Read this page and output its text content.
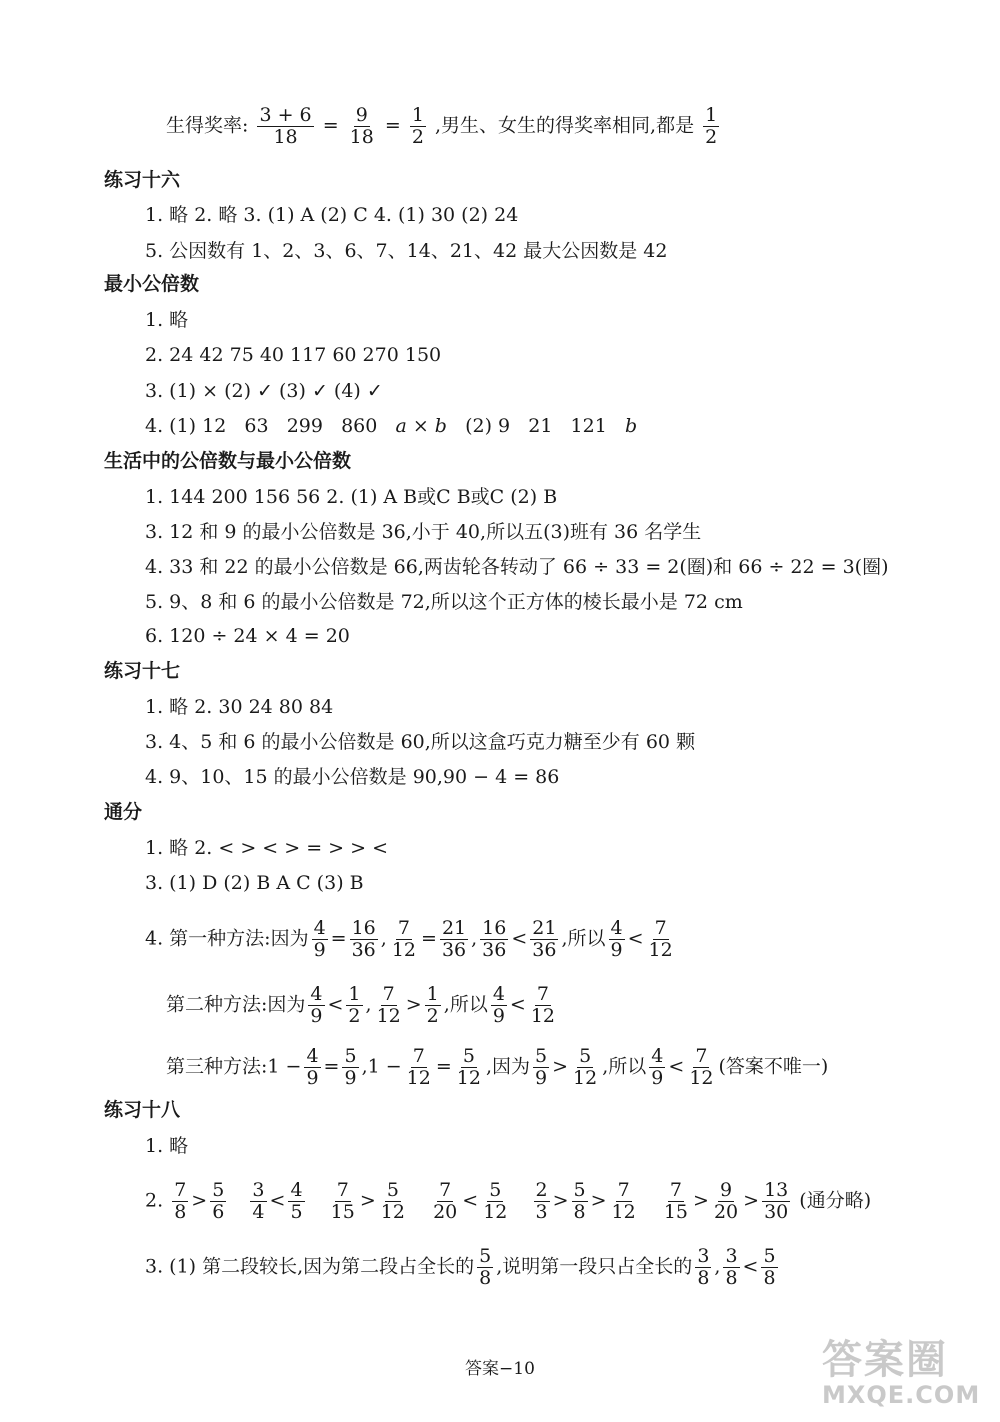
生得奖率: $\frac{3 + 6}{18} = \frac{9}{18} = \frac{1}{2}$ ,男生、女生的得奖率相同,都是 $\frac{1}{2}$
练习十六
1. 略 2. 略 3. (1) A (2) C 4. (1) 30 (2) 24
5. 公因数有 1、2、3、6、7、14、21、42 最大公因数是 42
最小公倍数
1. 略
2. 24 42 75 40 117 60 270 150
3. (1) × (2) ✓ (3) ✓ (4) ✓
4. (1) 12   63   299   860   a × b   (2) 9   21   121   b
生活中的公倍数与最小公倍数
1. 144 200 156 56 2. (1) A B或C B或C (2) B
3. 12 和 9 的最小公倍数是 36,小于 40,所以五(3)班有 36 名学生
4. 33 和 22 的最小公倍数是 66,两齿轮各转动了 66 ÷ 33 = 2(圈)和 66 ÷ 22 = 3(圈)
5. 9、8 和 6 的最小公倍数是 72,所以这个正方体的棱长最小是 72 cm
6. 120 ÷ 24 × 4 = 20
练习十七
1. 略 2. 30 24 80 84
3. 4、5 和 6 的最小公倍数是 60,所以这盒巧克力糖至少有 60 颗
4. 9、10、15 的最小公倍数是 90,90 − 4 = 86
通分
1. 略 2. < > < > = > > <
3. (1) D (2) B A C (3) B
4. 第一种方法:因为 $\frac{4}{9} = \frac{16}{36}$ , $\frac{7}{12} = \frac{21}{36}$ , $\frac{16}{36} < \frac{21}{36}$ ,所以 $\frac{4}{9} < \frac{7}{12}$
第二种方法:因为 $\frac{4}{9} < \frac{1}{2}$ , $\frac{7}{12} > \frac{1}{2}$ ,所以 $\frac{4}{9} < \frac{7}{12}$
第三种方法:1 − $\frac{4}{9} = \frac{5}{9} ,1 - \frac{7}{12} = \frac{5}{12}$ ,因为 $\frac{5}{9} > \frac{5}{12}$ ,所以 $\frac{4}{9} < \frac{7}{12}$ (答案不唯一)
练习十八
1. 略
2. $\frac{7}{8} > \frac{5}{6}$
$\frac{3}{4} < \frac{4}{5}$
$\frac{7}{15} > \frac{5}{12}$
$\frac{7}{20} < \frac{5}{12}$
$\frac{2}{3} > \frac{5}{8} > \frac{7}{12}$
$\frac{7}{15} > \frac{9}{20} > \frac{13}{30}$ (通分略)
3. (1) 第二段较长,因为第二段占全长的 $\frac{5}{8}$ ,说明第一段只占全长的 $\frac{3}{8}$ , $\frac{3}{8} < \frac{5}{8}$
答案−10	答案圈
MXQE.COM
